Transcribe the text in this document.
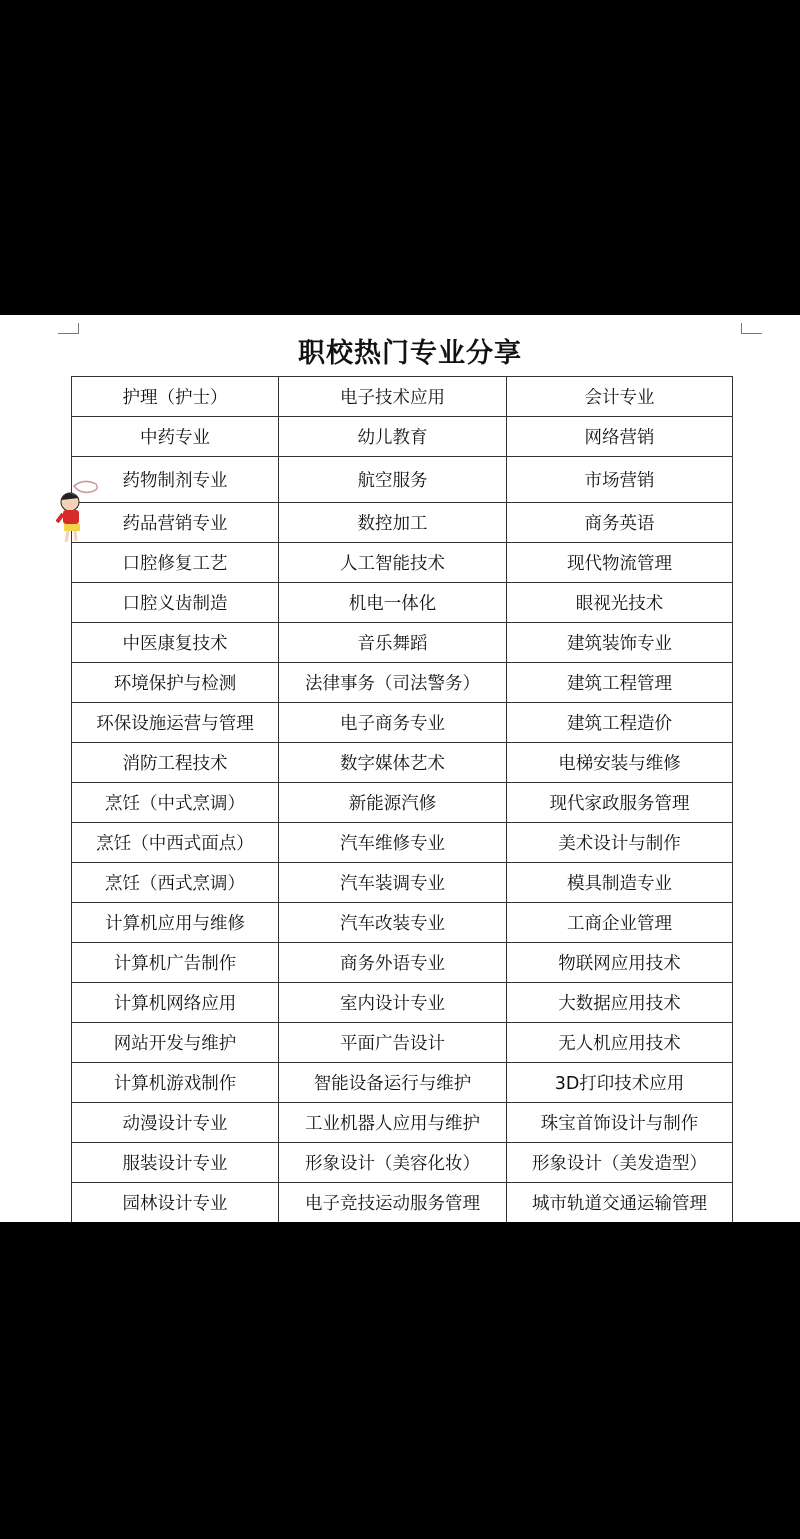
职校热门专业分享
护理（护士）	电子技术应用	会计专业
中药专业	幼儿教育	网络营销
药物制剂专业	航空服务	市场营销
药品营销专业	数控加工	商务英语
口腔修复工艺	人工智能技术	现代物流管理
口腔义齿制造	机电一体化	眼视光技术
中医康复技术	音乐舞蹈	建筑装饰专业
环境保护与检测	法律事务（司法警务）	建筑工程管理
环保设施运营与管理	电子商务专业	建筑工程造价
消防工程技术	数字媒体艺术	电梯安装与维修
烹饪（中式烹调）	新能源汽修	现代家政服务管理
烹饪（中西式面点）	汽车维修专业	美术设计与制作
烹饪（西式烹调）	汽车装调专业	模具制造专业
计算机应用与维修	汽车改装专业	工商企业管理
计算机广告制作	商务外语专业	物联网应用技术
计算机网络应用	室内设计专业	大数据应用技术
网站开发与维护	平面广告设计	无人机应用技术
计算机游戏制作	智能设备运行与维护	3D打印技术应用
动漫设计专业	工业机器人应用与维护	珠宝首饰设计与制作
服装设计专业	形象设计（美容化妆）	形象设计（美发造型）
园林设计专业	电子竞技运动服务管理	城市轨道交通运输管理
